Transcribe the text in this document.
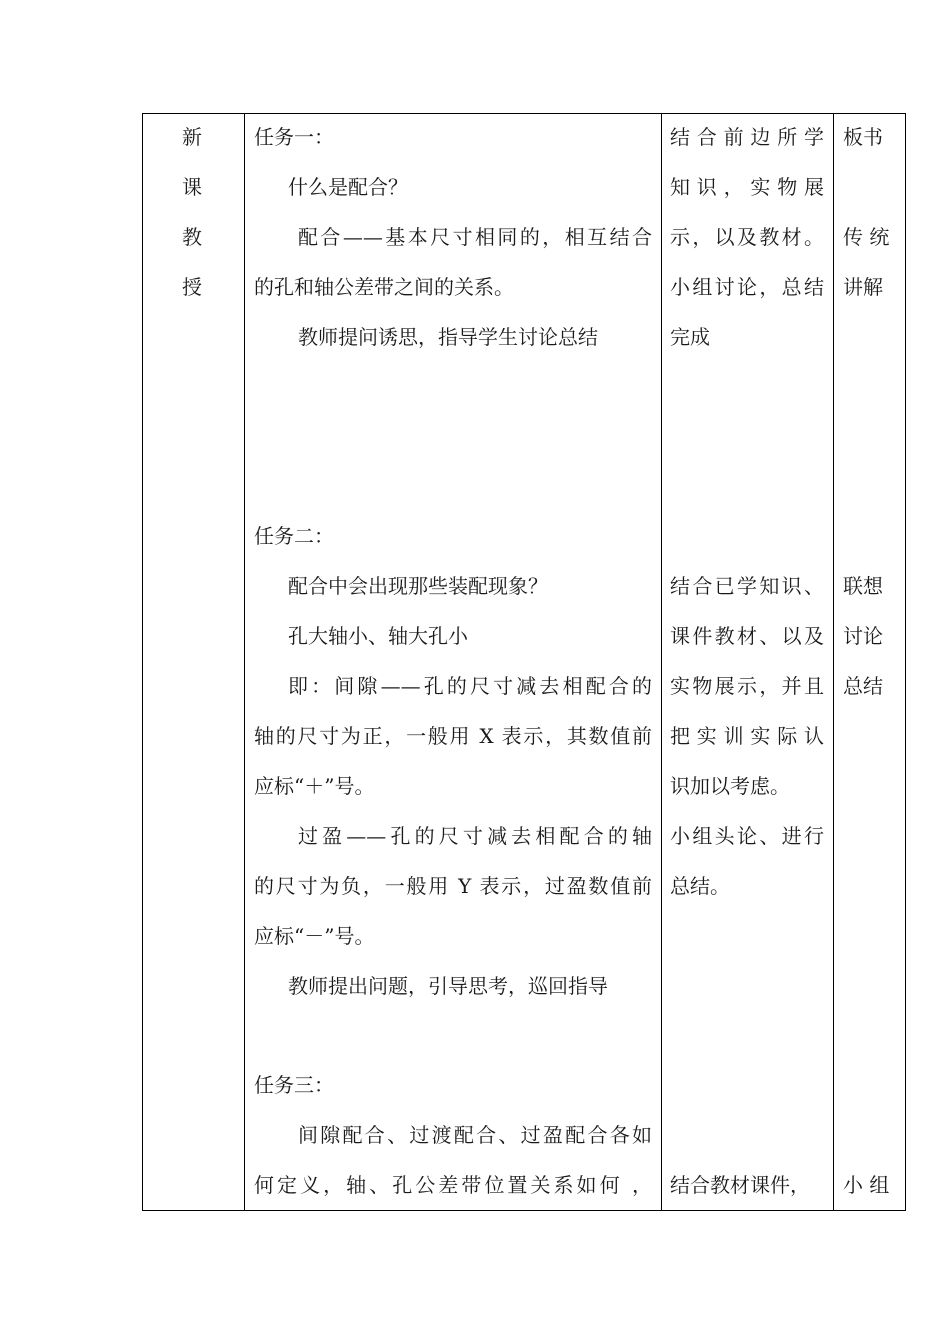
新
课
教
授
任务一：
什么是配合？
配合——基本尺寸相同的，相互结合
的孔和轴公差带之间的关系。
教师提问诱思，指导学生讨论总结
任务二：
配合中会出现那些装配现象？
孔大轴小、轴大孔小
即：间隙——孔的尺寸减去相配合的
轴的尺寸为正，一般用 X 表示，其数值前
应标“＋”号。
过盈——孔的尺寸减去相配合的轴
的尺寸为负，一般用 Y 表示，过盈数值前
应标“－”号。
教师提出问题，引导思考，巡回指导
任务三：
间隙配合、过渡配合、过盈配合各如
何定义，轴、孔公差带位置关系如何 ，
结合前边所学
知识，实物展
示，以及教材。
小组讨论，总结
完成
结合已学知识、
课件教材、以及
实物展示，并且
把实训实际认
识加以考虑。
小组头论、进行
总结。
结合教材课件，
板书
传 统
讲解
联想
讨论
总结
小 组
